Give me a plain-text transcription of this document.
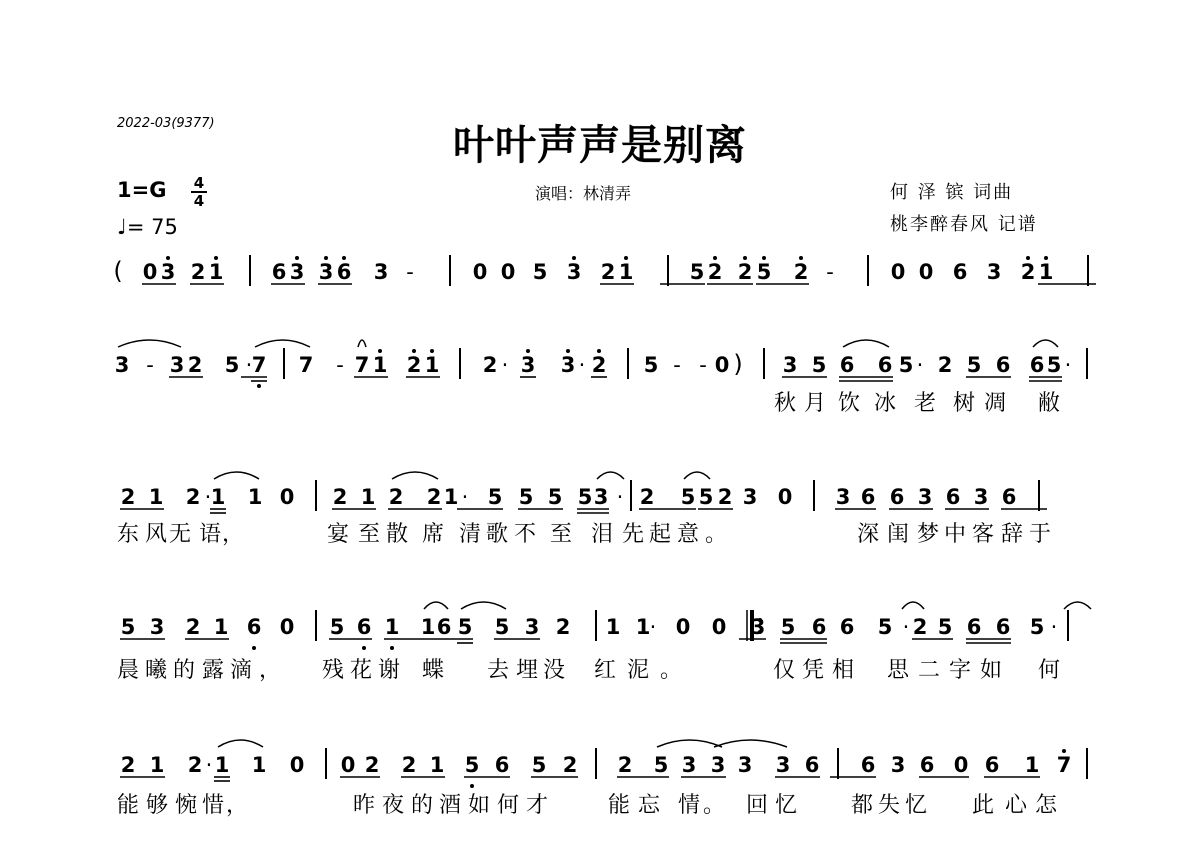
2022-03(9377)	叶叶声声是别离
1=G 4
4
♩= 75
演唱：林清弄	何 泽 镔 词曲
桃李醉春风 记谱
( 0 3 2 1 6 3 3 6 3 -	0 0 5 3 2 1	5 2 2 5 2 -	0 0 6 3 2 1
3 - 3 2 5 · 7 7 - 7 1 2 1 2 · 3 3 · 2 5 - - 0 ) 3 5 6 6 5 · 2 5 6 6 5 ·
秋 月 饮 冰 老 树 凋 敝
2 1 2 · 1 1 0 2 1 2 2 1 · 5 5 5 5 3 · 2 5 5 2 3 0 3 6 6 3 6 3 6
东 风 无 语 ，	宴 至 散 席 清 歌 不 至 泪 先 起 意 。	深 闺 梦 中 客 辞 于
5 3 2 1 6 0 5 6 1 1 6 5 5 3 2 1 1 · 0 0 3 5 6 6 5 · 2 5 6 6 5 ·
晨 曦 的 露 滴 ， 残 花 谢 蝶 去 埋 没 红 泥 。	仅 凭 相 思 二 字 如 何
2 1 2 · 1 1 0 0 2 2 1 5 6 5 2 2 5 3 3 3 3 6 6 3 6 0 6 1 7
能 够 惋 惜 ，	昨 夜 的 酒 如 何 才	能 忘 情 。 回 忆 都 失 忆 此 心 怎
